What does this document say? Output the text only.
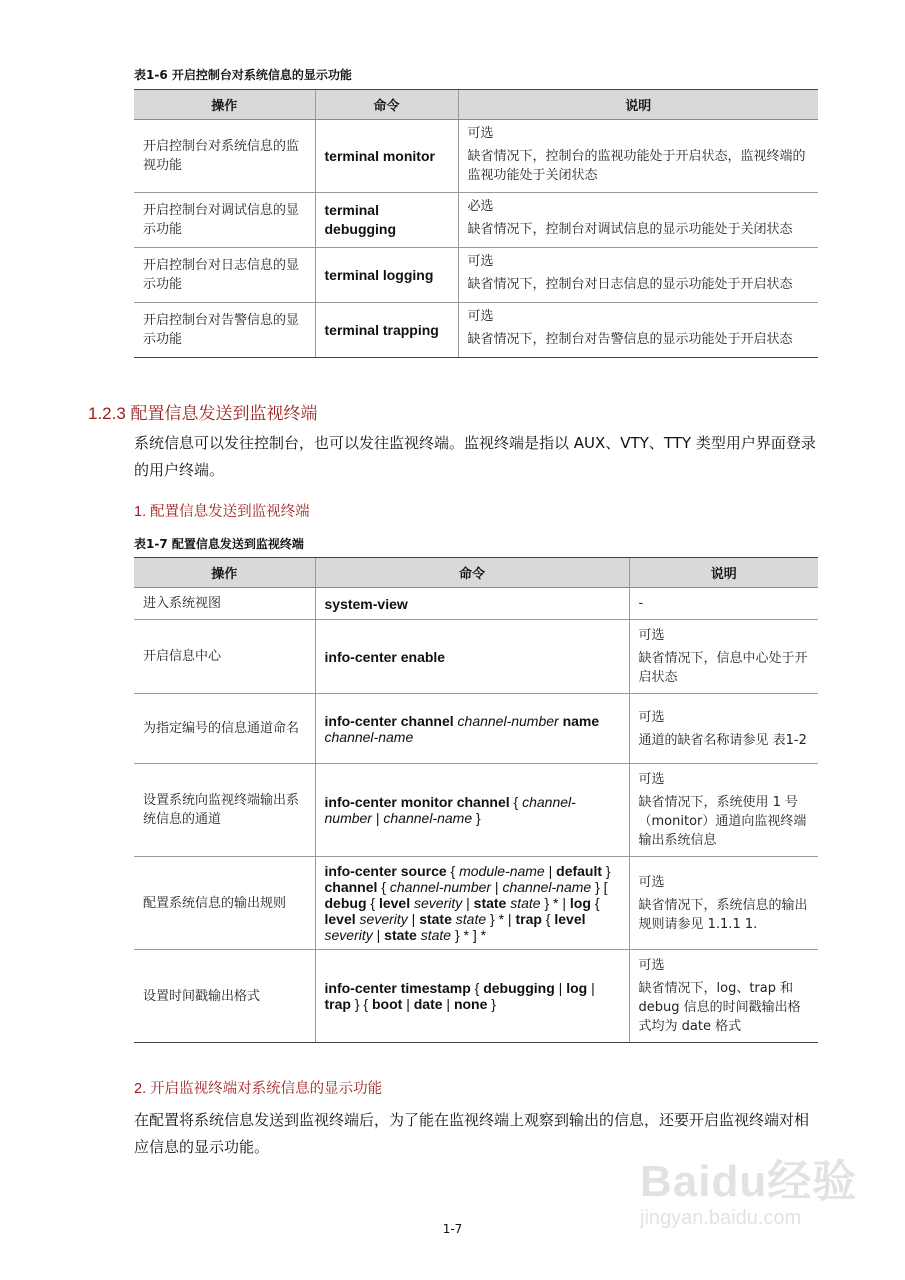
表1-6 开启控制台对系统信息的显示功能
操作	命令	说明
开启控制台对系统信息的监视功能	terminal monitor	可选
缺省情况下，控制台的监视功能处于开启状态，监视终端的监视功能处于关闭状态

开启控制台对调试信息的显示功能	terminal debugging	必选
缺省情况下，控制台对调试信息的显示功能处于关闭状态

开启控制台对日志信息的显示功能	terminal logging	可选
缺省情况下，控制台对日志信息的显示功能处于开启状态

开启控制台对告警信息的显示功能	terminal trapping	可选
缺省情况下，控制台对告警信息的显示功能处于开启状态
1.2.3 配置信息发送到监视终端
系统信息可以发往控制台，也可以发往监视终端。监视终端是指以 AUX、VTY、TTY 类型用户界面登录的用户终端。
1. 配置信息发送到监视终端
表1-7 配置信息发送到监视终端
操作	命令	说明
进入系统视图	system-view	-

开启信息中心	info-center enable	可选
缺省情况下，信息中心处于开启状态

为指定编号的信息通道命名	info-center channel channel-number name channel-name	可选
通道的缺省名称请参见 表1-2

设置系统向监视终端输出系统信息的通道	info-center monitor channel { channel-number | channel-name }	可选
缺省情况下，系统使用 1 号（monitor）通道向监视终端输出系统信息

配置系统信息的输出规则	info-center source { module-name | default } channel { channel-number | channel-name } [ debug { level severity | state state } * | log { level severity | state state } * | trap { level severity | state state } * ] *	可选
缺省情况下，系统信息的输出规则请参见 1.1.1 1.

设置时间戳输出格式	info-center timestamp { debugging | log | trap } { boot | date | none }	可选
缺省情况下，log、trap 和 debug 信息的时间戳输出格式均为 date 格式
2. 开启监视终端对系统信息的显示功能
在配置将系统信息发送到监视终端后，为了能在监视终端上观察到输出的信息，还要开启监视终端对相应信息的显示功能。
1-7
Baidu经验
jingyan.baidu.com
